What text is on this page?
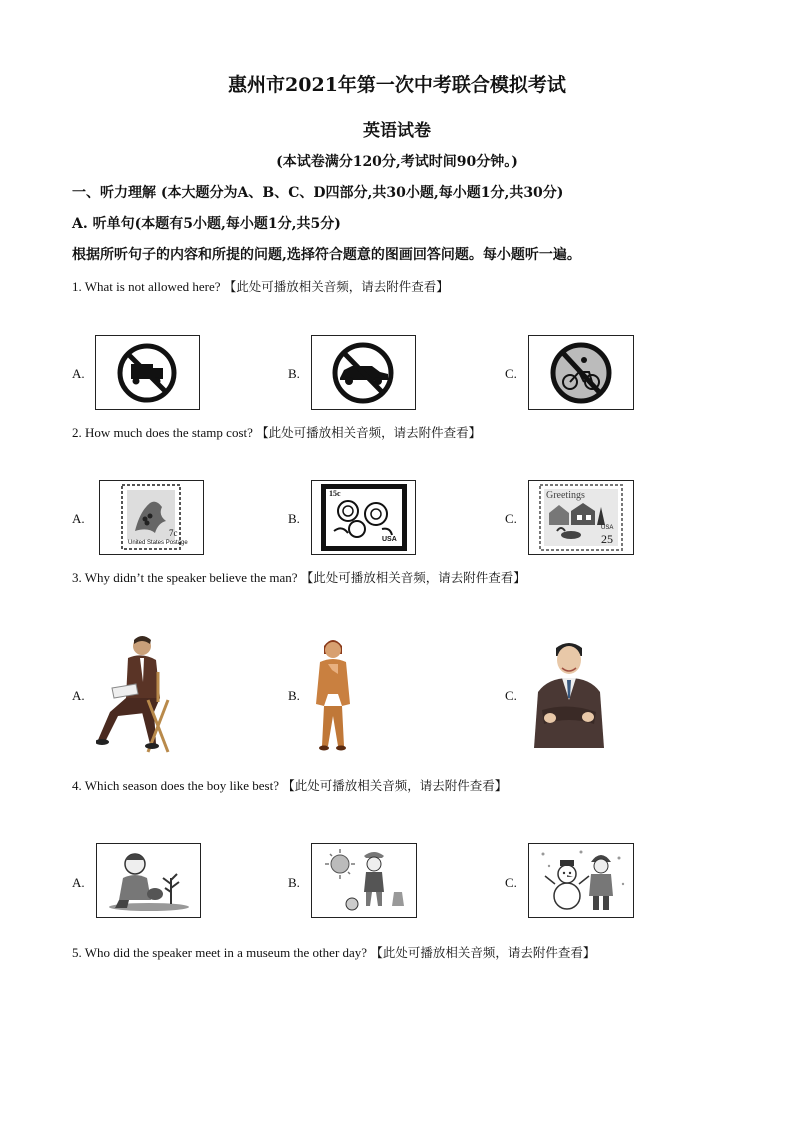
惠州市2021年第一次中考联合模拟考试
英语试卷
(本试卷满分120分,考试时间90分钟。)
一、听力理解 (本大题分为A、B、C、D四部分,共30小题,每小题1分,共30分)
A. 听单句(本题有5小题,每小题1分,共5分)
根据所听句子的内容和所提的问题,选择符合题意的图画回答问题。每小题听一遍。
1. What is not allowed here? 【此处可播放相关音频，请去附件查看】
A.	B.	C.
2. How much does the stamp cost? 【此处可播放相关音频，请去附件查看】
A.	B.	C.
United States Postage
7c
15c
USA
Greetings
USA
25
3. Why didn’t the speaker believe the man? 【此处可播放相关音频，请去附件查看】
A.	B.	C.
4. Which season does the boy like best? 【此处可播放相关音频，请去附件查看】
A.	B.	C.
5. Who did the speaker meet in a museum the other day? 【此处可播放相关音频，请去附件查看】
